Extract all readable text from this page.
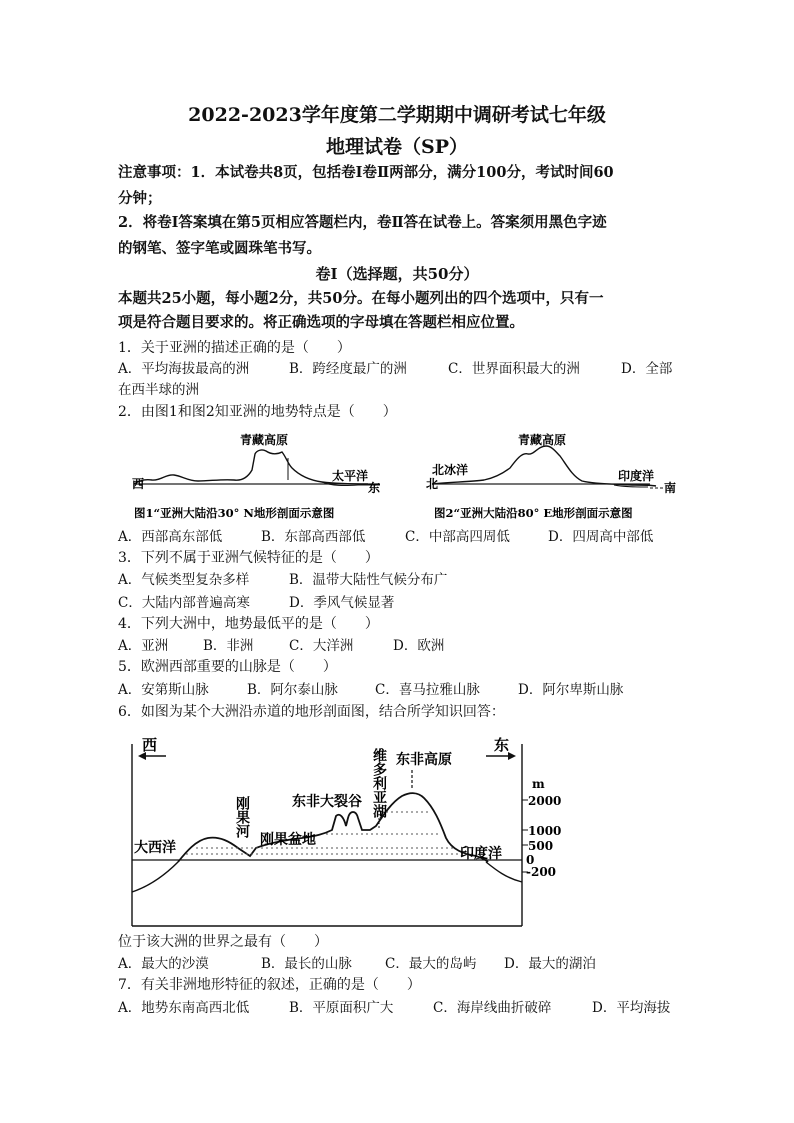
2022-2023学年度第二学期期中调研考试七年级
地理试卷（SP）
注意事项：1．本试卷共8页，包括卷Ⅰ卷Ⅱ两部分，满分100分，考试时间60
分钟；
2．将卷Ⅰ答案填在第5页相应答题栏内，卷Ⅱ答在试卷上。答案须用黑色字迹
的钢笔、签字笔或圆珠笔书写。
卷Ⅰ（选择题，共50分）
本题共25小题，每小题2分，共50分。在每小题列出的四个选项中，只有一
项是符合题目要求的。将正确选项的字母填在答题栏相应位置。
1．关于亚洲的描述正确的是（　　）
A．平均海拔最高的洲	B．跨经度最广的洲	C．世界面积最大的洲	D．全部
在西半球的洲
2．由图1和图2知亚洲的地势特点是（　　）
青藏高原
太平洋
西	东
图1“亚洲大陆沿30° N地形剖面示意图
青藏高原
北冰洋	印度洋
北	南
图2“亚洲大陆沿80° E地形剖面示意图
A．西部高东部低	B．东部高西部低	C．中部高四周低	D．四周高中部低
3．下列不属于亚洲气候特征的是（　　）
A．气候类型复杂多样	B．温带大陆性气候分布广
C．大陆内部普遍高寒	D．季风气候显著
4．下列大洲中，地势最低平的是（　　）
A．亚洲	B．非洲	C．大洋洲	D．欧洲
5．欧洲西部重要的山脉是（　　）
A．安第斯山脉	B．阿尔泰山脉	C．喜马拉雅山脉	D．阿尔卑斯山脉
6．如图为某个大洲沿赤道的地形剖面图，结合所学知识回答：
西	东
大西洋
刚果河
刚果盆地
东非大裂谷 维多利亚湖 东非高原
印度洋
m
2000
1000
500
0
-200
位于该大洲的世界之最有（　　）
A．最大的沙漠	B．最长的山脉 C．最大的岛屿 D．最大的湖泊
7．有关非洲地形特征的叙述，正确的是（　　）
A．地势东南高西北低	B．平原面积广大	C．海岸线曲折破碎	D．平均海拔
